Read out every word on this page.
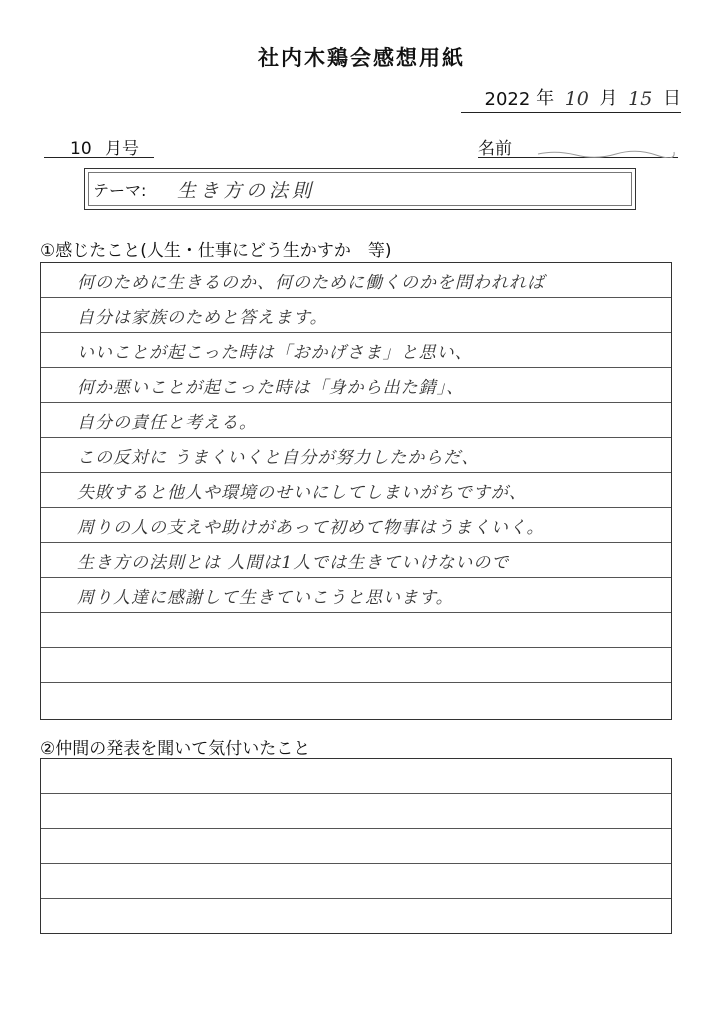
社内木鶏会感想用紙
2022 年 10 月 15 日
10 月号	名前
テーマ: 生き方の法則
①感じたこと(人生・仕事にどう生かすか　等)
何のために生きるのか、何のために働くのかを問われれば
自分は家族のためと答えます。
いいことが起こった時は「おかげさま」と思い、
何か悪いことが起こった時は「身から出た錆」、
自分の責任と考える。
この反対に うまくいくと自分が努力したからだ、
失敗すると他人や環境のせいにしてしまいがちですが、
周りの人の支えや助けがあって初めて物事はうまくいく。
生き方の法則とは 人間は1人では生きていけないので
周り人達に感謝して生きていこうと思います。
②仲間の発表を聞いて気付いたこと
